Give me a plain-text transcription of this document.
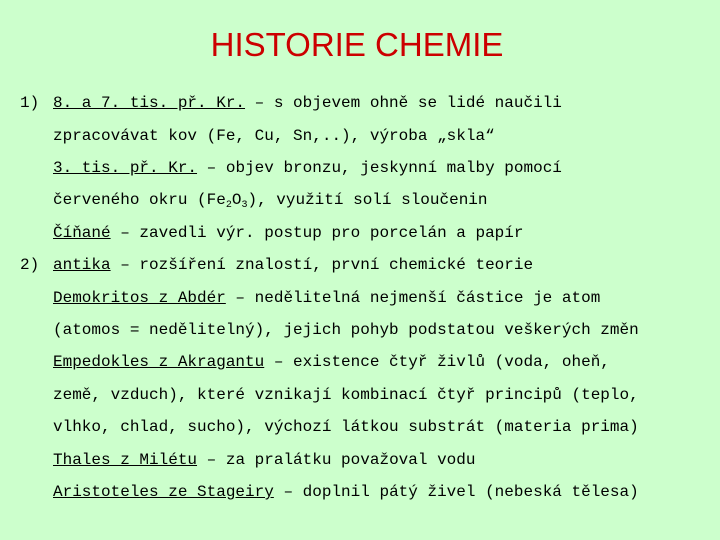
HISTORIE CHEMIE
1) 8. a 7. tis. př. Kr. – s objevem ohně se lidé naučili
zpracovávat kov (Fe, Cu, Sn,..), výroba „skla“
3. tis. př. Kr. – objev bronzu, jeskynní malby pomocí
červeného okru $(Fe_2O_3)$, využití solí sloučenin
Číňané – zavedli výr. postup pro porcelán a papír
2) antika – rozšíření znalostí, první chemické teorie
Demokritos z Abdér – nedělitelná nejmenší částice je atom
(atomos = nedělitelný), jejich pohyb podstatou veškerých změn
Empedokles z Akragantu – existence čtyř živlů (voda, oheň,
země, vzduch), které vznikají kombinací čtyř principů (teplo,
vlhko, chlad, sucho), výchozí látkou substrát (materia prima)
Thales z Milétu – za pralátku považoval vodu
Aristoteles ze Stageiry – doplnil pátý živel (nebeská tělesa)
